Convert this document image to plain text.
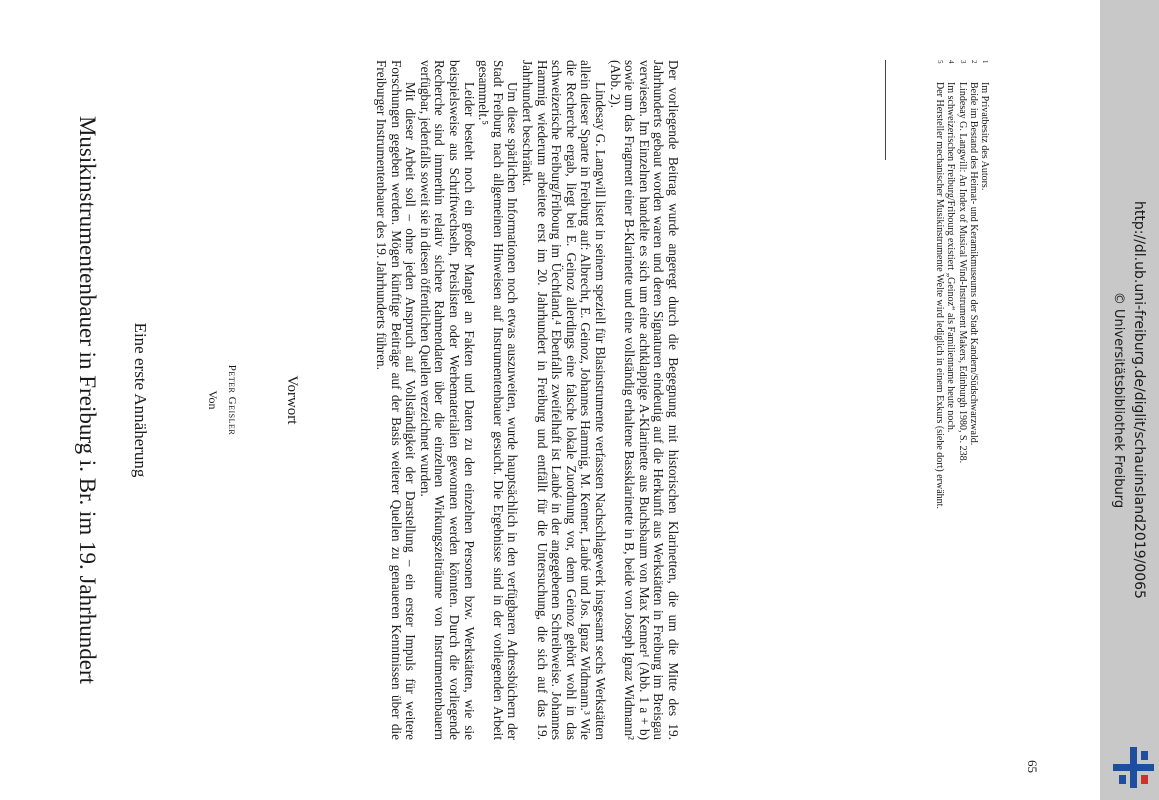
Musikinstrumentenbauer in Freiburg i. Br. im 19. Jahrhundert Eine erste Annäherung	Von Peter Geisler	Vorwort	Der vorliegende Beitrag wurde angeregt durch die Begegnung mit historischen Klarinetten, die um die Mitte des 19. Jahrhunderts gebaut worden waren und deren Signaturen eindeutig auf die Herkunft aus Werkstätten in Freiburg im Breisgau verwiesen. Im Einzelnen handelte es sich um eine achtklappige A-Klarinette aus Buchsbaum von Max Kenner¹ (Abb. 1 a + b) sowie um das Fragment einer B-Klarinette und eine vollständig erhaltene Bassklarinette in B, beide von Joseph Ignaz Widmann² (Abb. 2).

Lindesay G. Langwill listet in seinem speziell für Blasinstrumente verfassten Nachschlagewerk insgesamt sechs Werkstätten allein dieser Sparte in Freiburg auf: Albrecht, E. Geinoz, Johannes Hammig, M. Kenner, Laubé und Jos. Ignaz Widmann.³ Wie die Recherche ergab, liegt bei E. Geinoz allerdings eine falsche lokale Zuordnung vor, denn Geinoz gehört wohl in das schweizerische Freiburg/Fribourg im Üechtland.⁴ Ebenfalls zweifelhaft ist Laubé in der angegebenen Schreibweise. Johannes Hammig wiederum arbeitete erst im 20. Jahrhundert in Freiburg und entfällt für die Untersuchung, die sich auf das 19. Jahrhundert beschränkt.

Um diese spärlichen Informationen noch etwas auszuweiten, wurde hauptsächlich in den verfügbaren Adressbüchern der Stadt Freiburg nach allgemeinen Hinweisen auf Instrumentenbauer gesucht. Die Ergebnisse sind in der vorliegenden Arbeit gesammelt.⁵

Leider besteht noch ein großer Mangel an Fakten und Daten zu den einzelnen Personen bzw. Werkstätten, wie sie beispielsweise aus Schriftwechseln, Preislisten oder Werbematerialien gewonnen werden könnten. Durch die vorliegende Recherche sind immerhin relativ sichere Rahmendaten über die einzelnen Wirkungszeiträume von Instrumentenbauern verfügbar, jedenfalls soweit sie in diesen öffentlichen Quellen verzeichnet wurden.

Mit dieser Arbeit soll – ohne jeden Anspruch auf Vollständigkeit der Darstellung – ein erster Impuls für weitere Forschungen gegeben werden. Mögen künftige Beiträge auf der Basis weiterer Quellen zu genaueren Kenntnissen über die Freiburger Instrumentenbauer des 19. Jahrhunderts führen.	1
Im Privatbesitz des Autors.
2
Beide im Bestand des Heimat- und Keramikmuseums der Stadt Kandern/Südschwarzwald.
3
Lindesay G. Langwill: An Index of Musical Wind-Instrument Makers, Edinburgh 1980, S. 238.
4
Im schweizerischen Freiburg/Fribourg existiert „Geinoz“ als Familienname heute noch.
5
Der Hersteller mechanischer Musikinstrumente Welte wird lediglich in einem Exkurs (siehe dort) erwähnt.
65
http://dl.ub.uni-freiburg.de/diglit/schauinsland2019/0065
© Universitätsbibliothek Freiburg
